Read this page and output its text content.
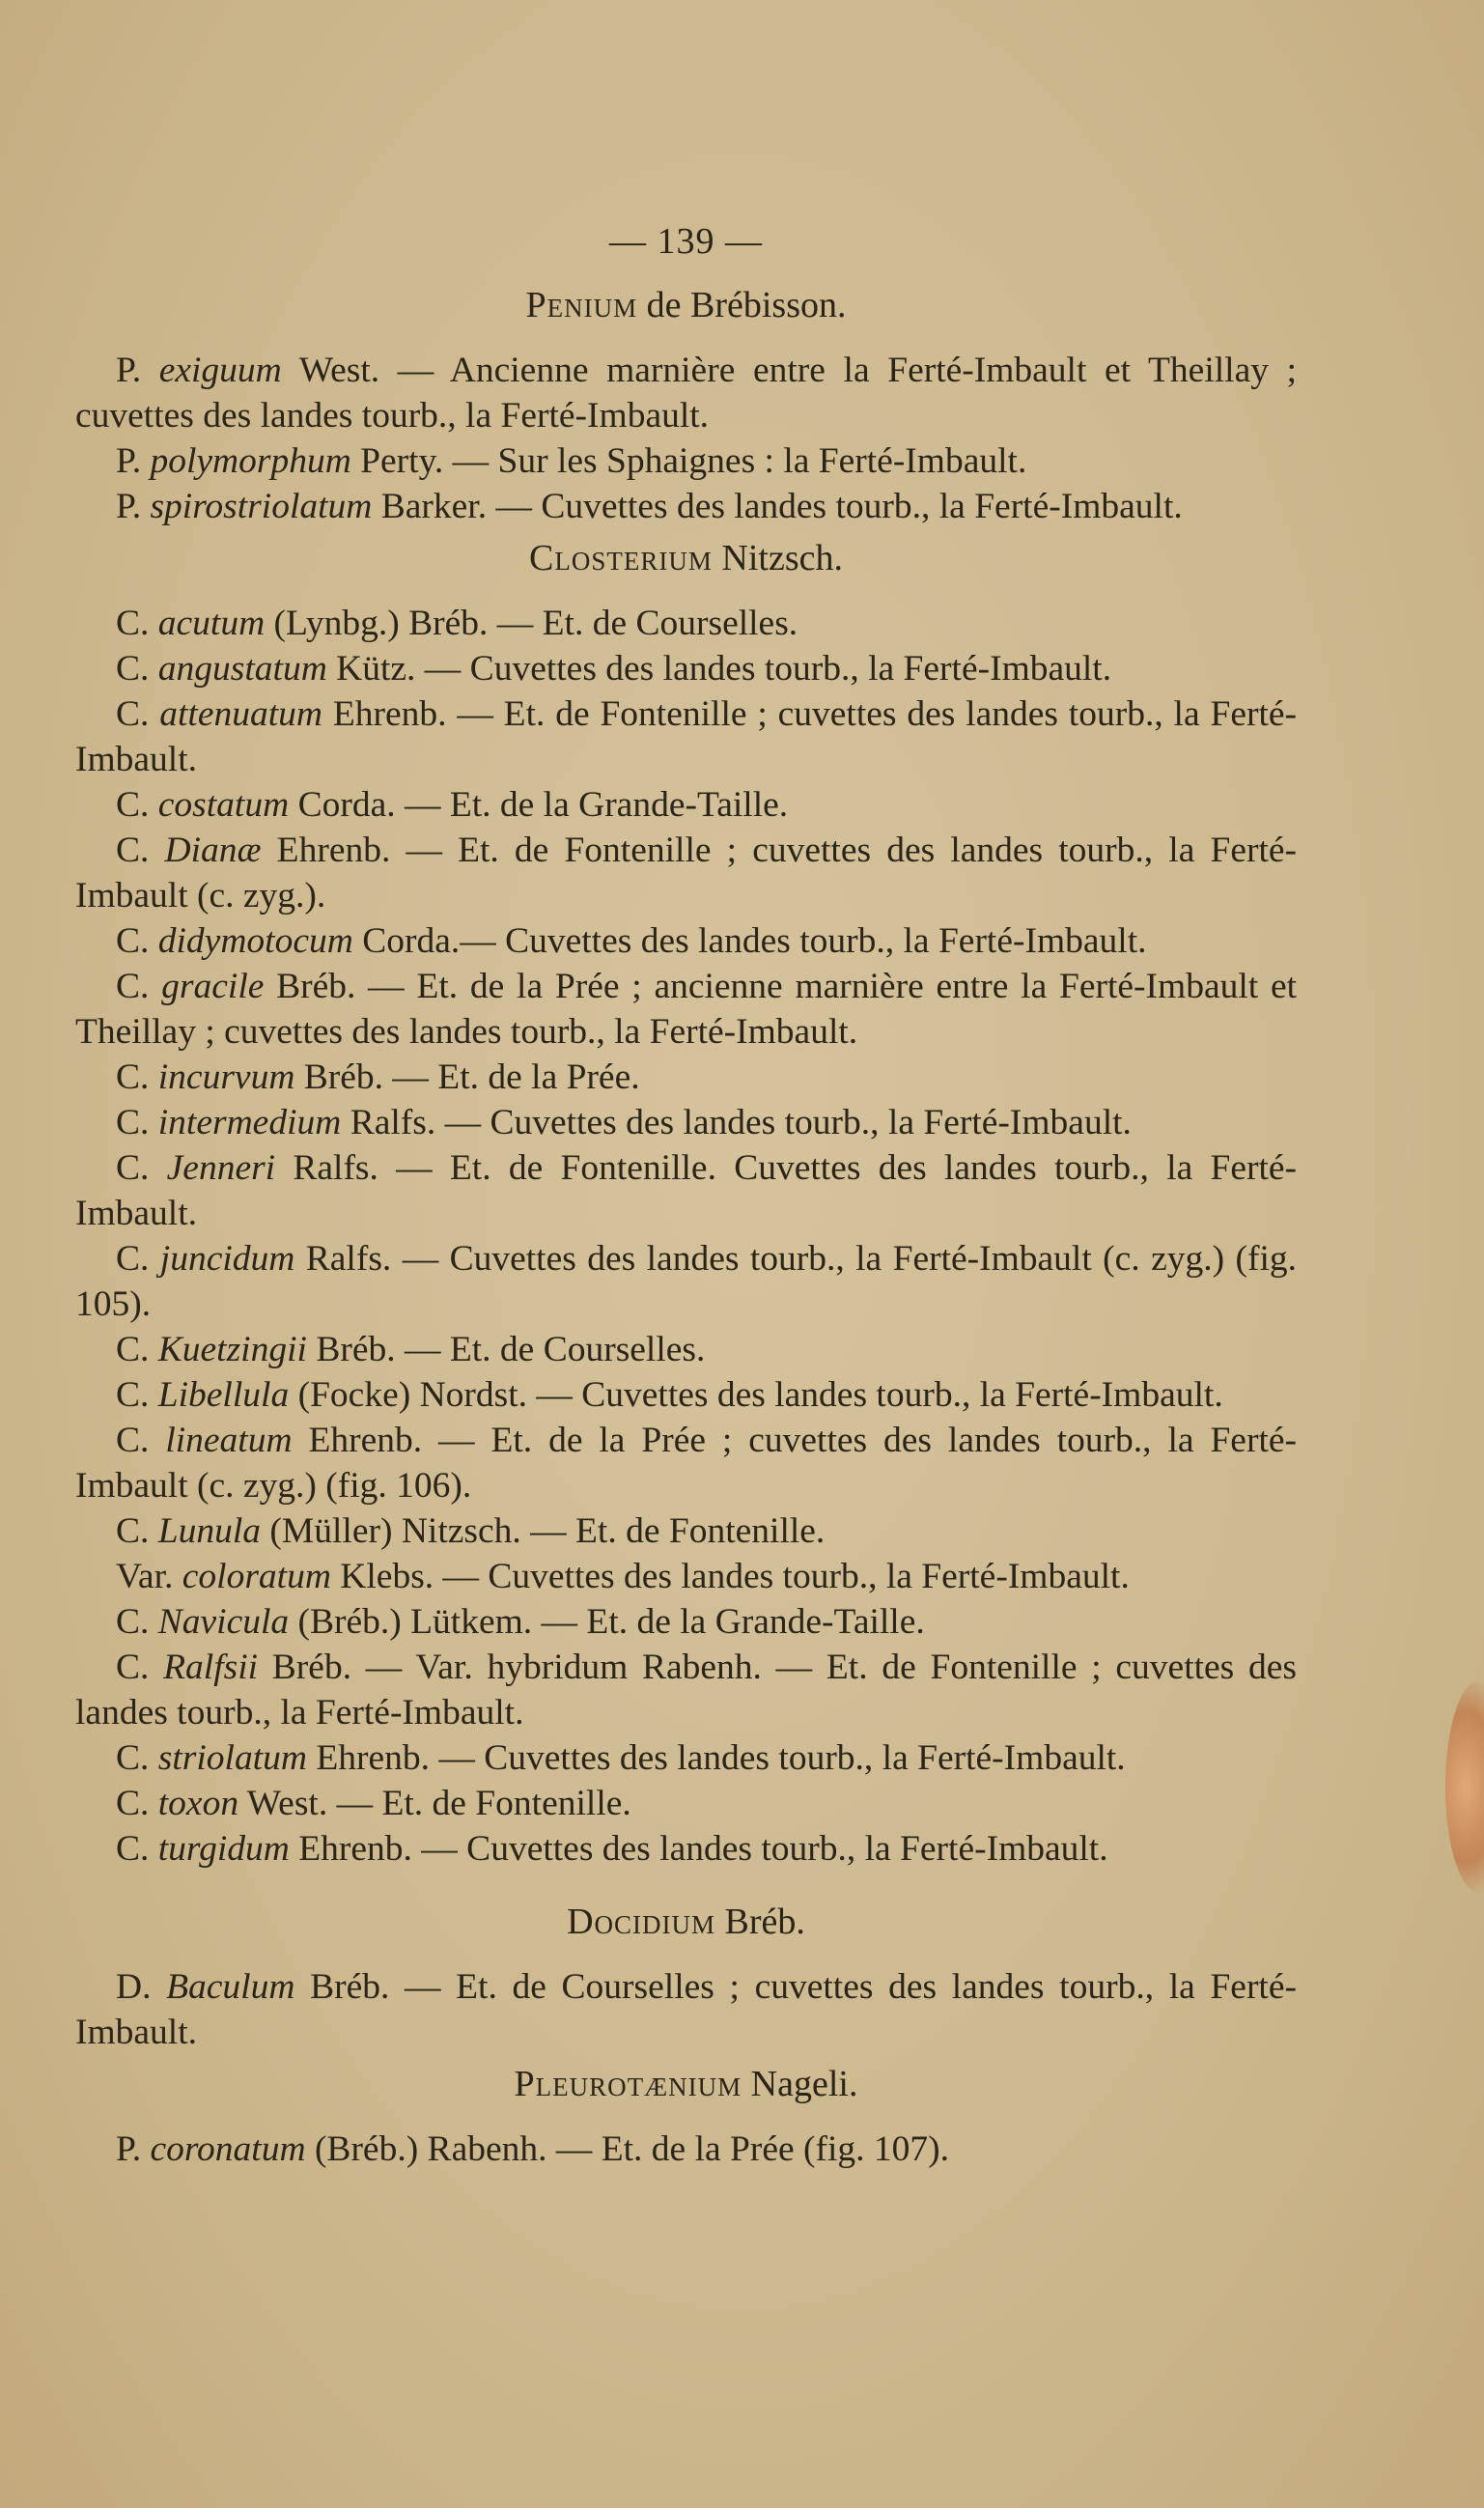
— 139 —
Penium de Brébisson.

P. exiguum West. — Ancienne marnière entre la Ferté-Imbault et Theillay ; cuvettes des landes tourb., la Ferté-Imbault.

P. polymorphum Perty. — Sur les Sphaignes : la Ferté-Imbault.

P. spirostriolatum Barker. — Cuvettes des landes tourb., la Ferté-Imbault.

Closterium Nitzsch.

C. acutum (Lynbg.) Bréb. — Et. de Courselles.

C. angustatum Kütz. — Cuvettes des landes tourb., la Ferté-Imbault.

C. attenuatum Ehrenb. — Et. de Fontenille ; cuvettes des landes tourb., la Ferté-Imbault.

C. costatum Corda. — Et. de la Grande-Taille.

C. Dianæ Ehrenb. — Et. de Fontenille ; cuvettes des landes tourb., la Ferté-Imbault (c. zyg.).

C. didymotocum Corda.— Cuvettes des landes tourb., la Ferté-Imbault.

C. gracile Bréb. — Et. de la Prée ; ancienne marnière entre la Ferté-Imbault et Theillay ; cuvettes des landes tourb., la Ferté-Imbault.

C. incurvum Bréb. — Et. de la Prée.

C. intermedium Ralfs. — Cuvettes des landes tourb., la Ferté-Imbault.

C. Jenneri Ralfs. — Et. de Fontenille. Cuvettes des landes tourb., la Ferté-Imbault.

C. juncidum Ralfs. — Cuvettes des landes tourb., la Ferté-Imbault (c. zyg.) (fig. 105).

C. Kuetzingii Bréb. — Et. de Courselles.

C. Libellula (Focke) Nordst. — Cuvettes des landes tourb., la Ferté-Imbault.

C. lineatum Ehrenb. — Et. de la Prée ; cuvettes des landes tourb., la Ferté-Imbault (c. zyg.) (fig. 106).

C. Lunula (Müller) Nitzsch. — Et. de Fontenille.

Var. coloratum Klebs. — Cuvettes des landes tourb., la Ferté-Imbault.

C. Navicula (Bréb.) Lütkem. — Et. de la Grande-Taille.

C. Ralfsii Bréb. — Var. hybridum Rabenh. — Et. de Fontenille ; cuvettes des landes tourb., la Ferté-Imbault.

C. striolatum Ehrenb. — Cuvettes des landes tourb., la Ferté-Imbault.

C. toxon West. — Et. de Fontenille.

C. turgidum Ehrenb. — Cuvettes des landes tourb., la Ferté-Imbault.

Docidium Bréb.

D. Baculum Bréb. — Et. de Courselles ; cuvettes des landes tourb., la Ferté-Imbault.

Pleurotænium Nageli.

P. coronatum (Bréb.) Rabenh. — Et. de la Prée (fig. 107).
